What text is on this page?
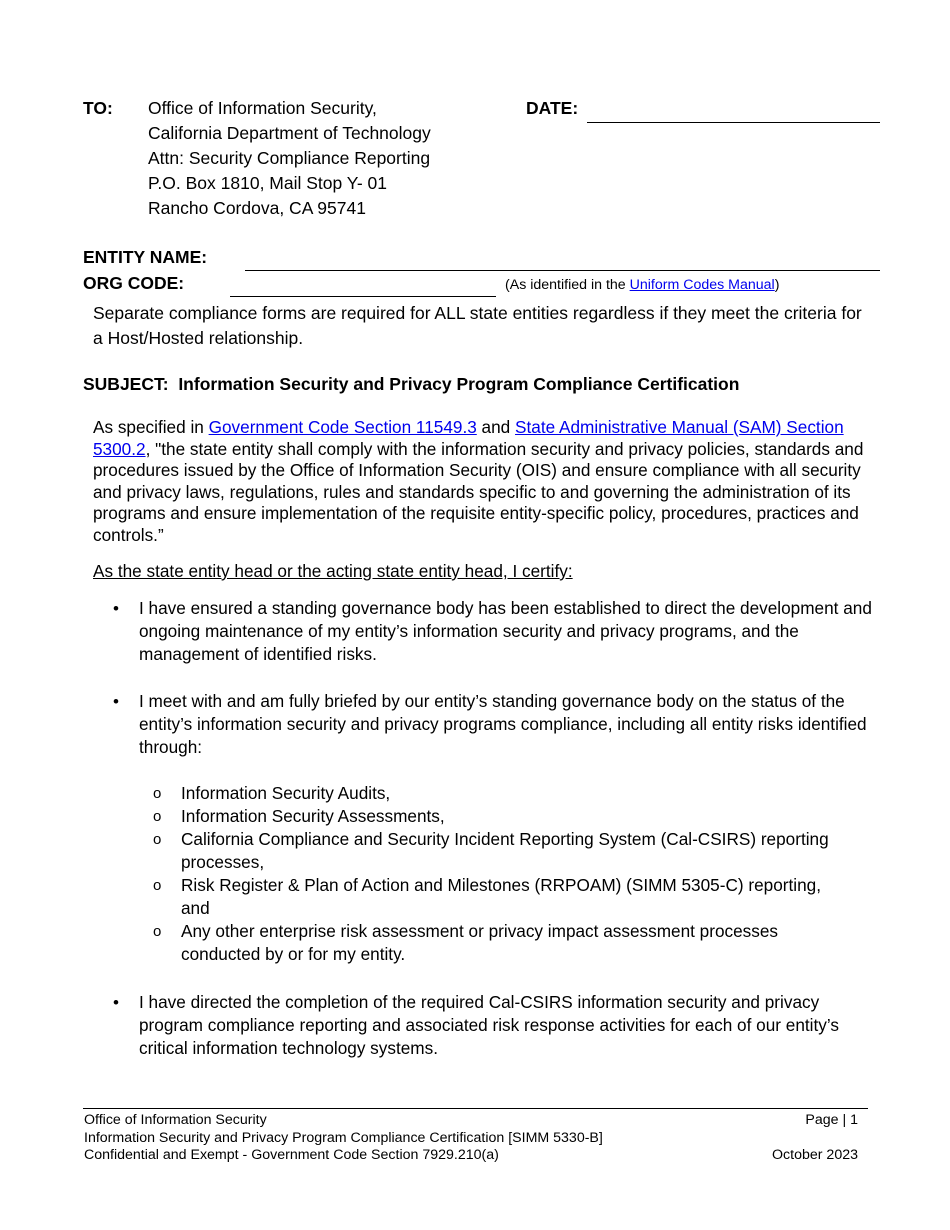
TO: Office of Information Security,
California Department of Technology
Attn: Security Compliance Reporting
P.O. Box 1810, Mail Stop Y- 01
Rancho Cordova, CA 95741
DATE:
ENTITY NAME:
ORG CODE:	(As identified in the Uniform Codes Manual)
Separate compliance forms are required for ALL state entities regardless if they meet the criteria for a Host/Hosted relationship.
SUBJECT: Information Security and Privacy Program Compliance Certification
As specified in Government Code Section 11549.3 and State Administrative Manual (SAM) Section 5300.2, "the state entity shall comply with the information security and privacy policies, standards and procedures issued by the Office of Information Security (OIS) and ensure compliance with all security and privacy laws, regulations, rules and standards specific to and governing the administration of its programs and ensure implementation of the requisite entity-specific policy, procedures, practices and controls.”
As the state entity head or the acting state entity head, I certify:
• I have ensured a standing governance body has been established to direct the development and ongoing maintenance of my entity’s information security and privacy programs, and the management of identified risks.
• I meet with and am fully briefed by our entity’s standing governance body on the status of the entity’s information security and privacy programs compliance, including all entity risks identified through:
o Information Security Audits,
o Information Security Assessments,
o California Compliance and Security Incident Reporting System (Cal-CSIRS) reporting processes,
o Risk Register & Plan of Action and Milestones (RRPOAM) (SIMM 5305-C) reporting, and
o Any other enterprise risk assessment or privacy impact assessment processes conducted by or for my entity.
• I have directed the completion of the required Cal-CSIRS information security and privacy program compliance reporting and associated risk response activities for each of our entity’s critical information technology systems.
Office of Information Security
Information Security and Privacy Program Compliance Certification [SIMM 5330-B]
Confidential and Exempt - Government Code Section 7929.210(a)
Page | 1
October 2023
